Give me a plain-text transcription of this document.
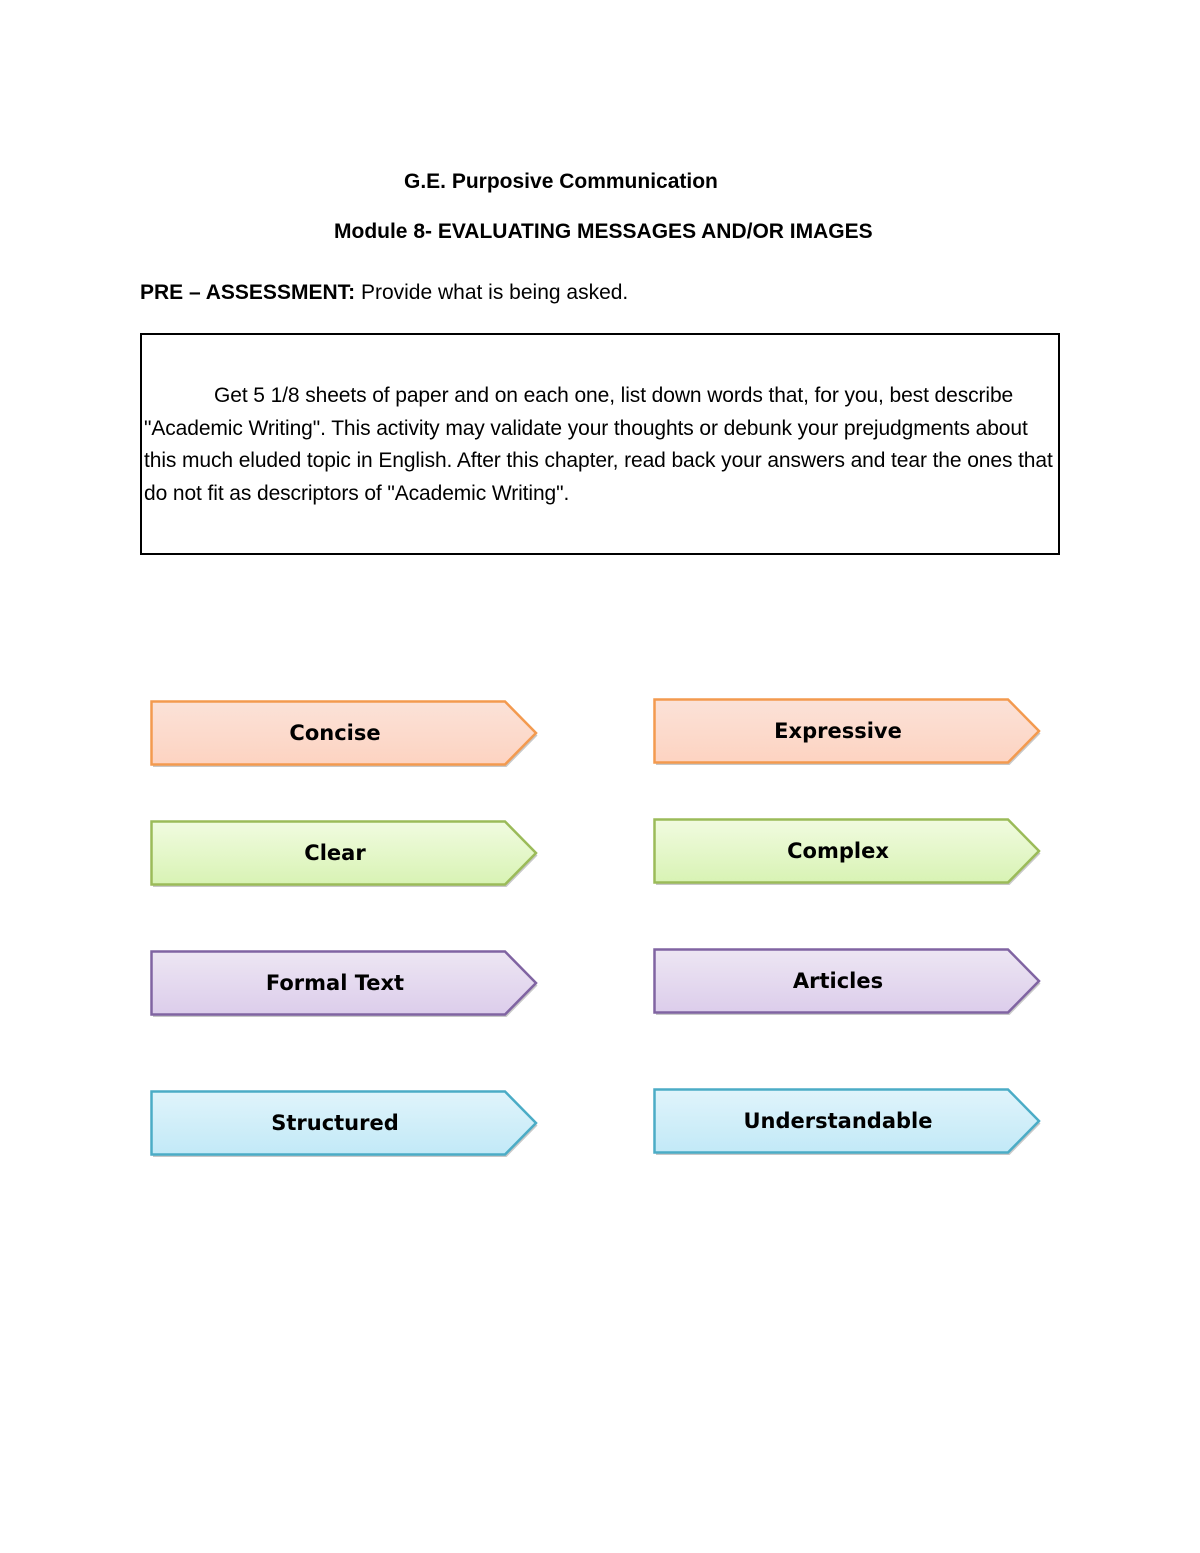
G.E. Purposive Communication
Module 8- EVALUATING MESSAGES AND/OR IMAGES
PRE – ASSESSMENT: Provide what is being asked.

Get 5 1/8 sheets of paper and on each one, list down words that, for you, best describe "Academic Writing". This activity may validate your thoughts or debunk your prejudgments about this much eluded topic in English. After this chapter, read back your answers and tear the ones that do not fit as descriptors of "Academic Writing".

Concise	Expressive
Clear	Complex
Formal Text	Articles
Structured	Understandable
